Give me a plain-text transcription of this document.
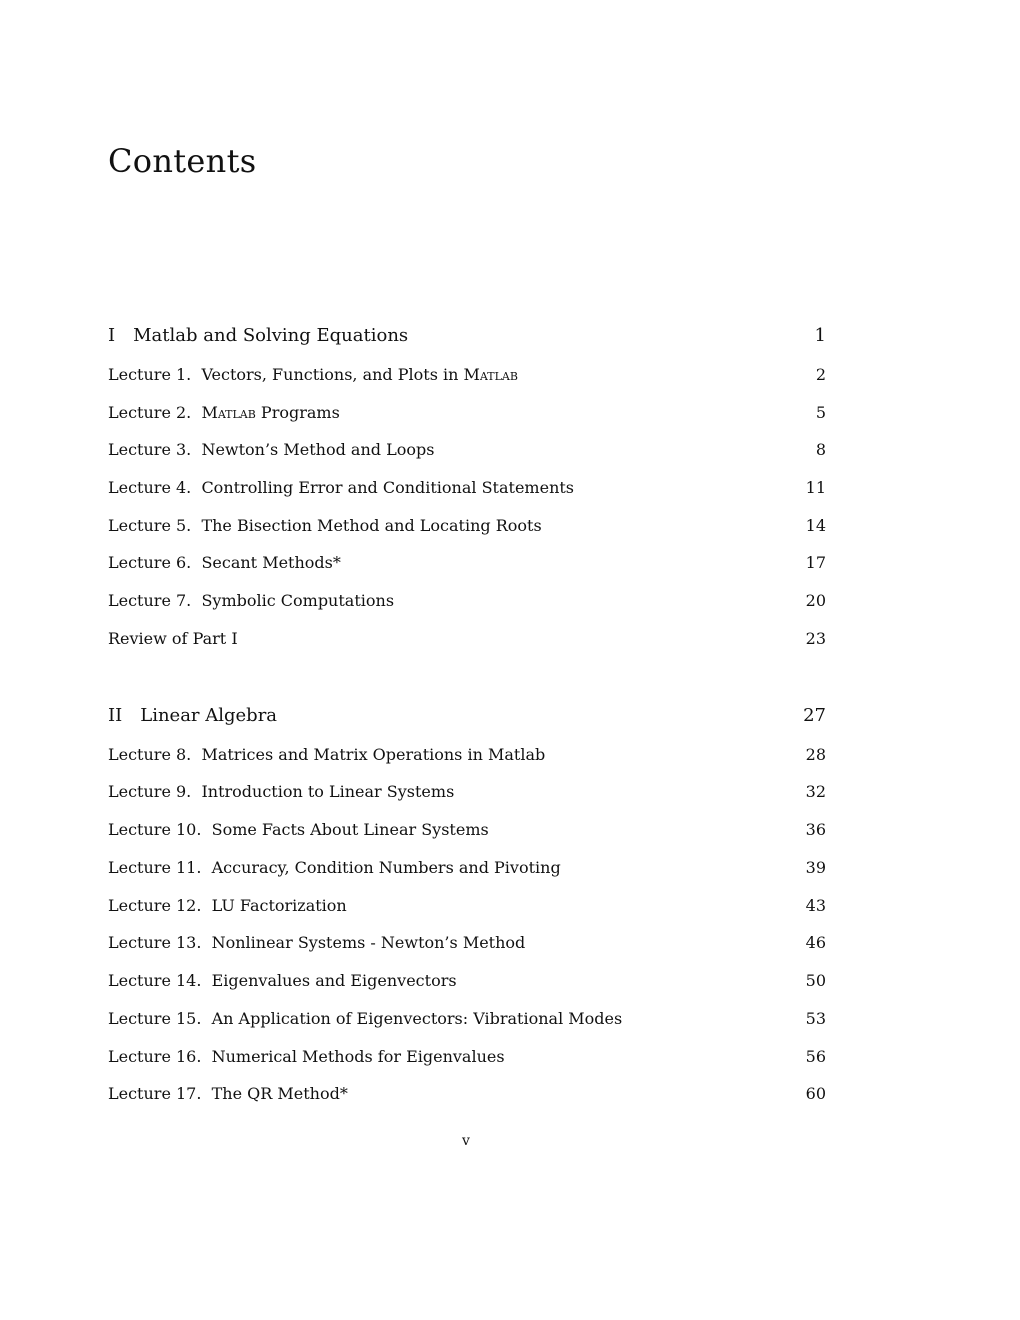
Contents
I Matlab and Solving Equations	1
Lecture 1. Vectors, Functions, and Plots in Matlab	2
Lecture 2. Matlab Programs	5
Lecture 3. Newton’s Method and Loops	8
Lecture 4. Controlling Error and Conditional Statements	11
Lecture 5. The Bisection Method and Locating Roots	14
Lecture 6. Secant Methods*	17
Lecture 7. Symbolic Computations	20
Review of Part I	23
II Linear Algebra	27
Lecture 8. Matrices and Matrix Operations in Matlab	28
Lecture 9. Introduction to Linear Systems	32
Lecture 10. Some Facts About Linear Systems	36
Lecture 11. Accuracy, Condition Numbers and Pivoting	39
Lecture 12. LU Factorization	43
Lecture 13. Nonlinear Systems - Newton’s Method	46
Lecture 14. Eigenvalues and Eigenvectors	50
Lecture 15. An Application of Eigenvectors: Vibrational Modes	53
Lecture 16. Numerical Methods for Eigenvalues	56
Lecture 17. The QR Method*	60
v
